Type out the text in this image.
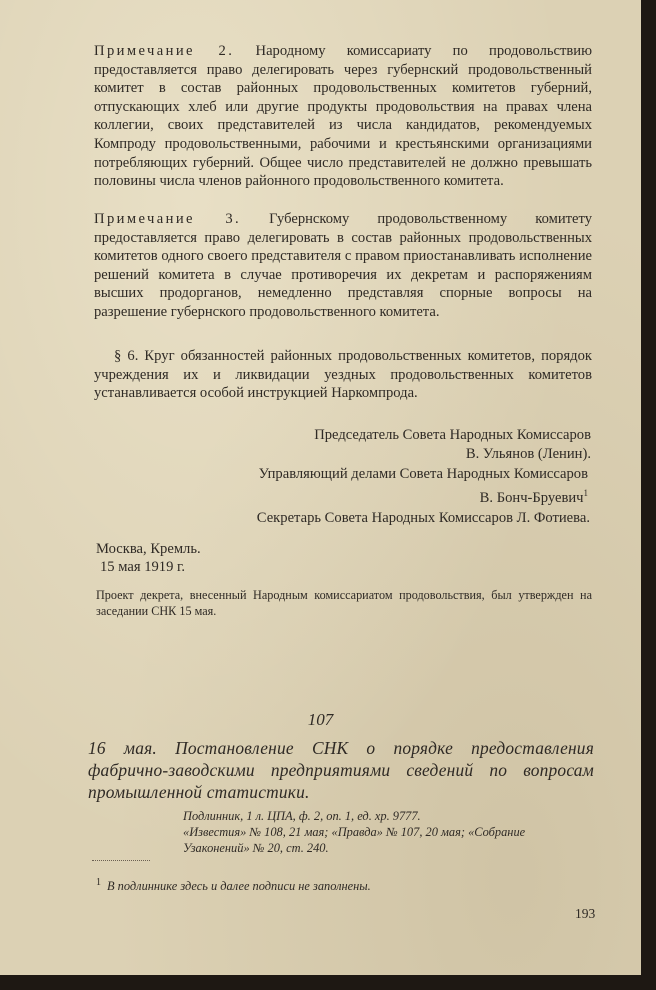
Примечание 2. Народному комиссариату по продовольствию предоставляется право делегировать через губернский продовольственный комитет в состав районных продовольственных комитетов губерний, отпускающих хлеб или другие продукты продовольствия на правах члена коллегии, своих представителей из числа кандидатов, рекомендуемых Компроду продовольственными, рабочими и крестьянскими организациями потребляющих губерний. Общее число представителей не должно превышать половины числа членов районного продовольственного комитета.

Примечание 3. Губернскому продовольственному комитету предоставляется право делегировать в состав районных продовольственных комитетов одного своего представителя с правом приостанавливать исполнение решений комитета в случае противоречия их декретам и распоряжениям высших продорганов, немедленно представляя спорные вопросы на разрешение губернского продовольственного комитета.

§ 6. Круг обязанностей районных продовольственных комитетов, порядок учреждения их и ликвидации уездных продовольственных комитетов устанавливается особой инструкцией Наркомпрода.

Председатель Совета Народных Комиссаров
В. Ульянов (Ленин).
Управляющий делами Совета Народных Комиссаров
В. Бонч-Бруевич$^1$
Секретарь Совета Народных Комиссаров Л. Фотиева.
Москва, Кремль.
15 мая 1919 г.
Проект декрета, внесенный Народным комиссариатом продовольствия, был утвержден на заседании СНК 15 мая.
107
16 мая. Постановление СНК о порядке предоставления фабрично-заводскими предприятиями сведений по вопросам промышленной статистики.
Подлинник, 1 л. ЦПА, ф. 2, оп. 1, ед. хр. 9777.
«Известия» № 108, 21 мая; «Правда» № 107, 20 мая; «Собрание Узаконений» № 20, ст. 240.
$^1$ В подлиннике здесь и далее подписи не заполнены.
193
